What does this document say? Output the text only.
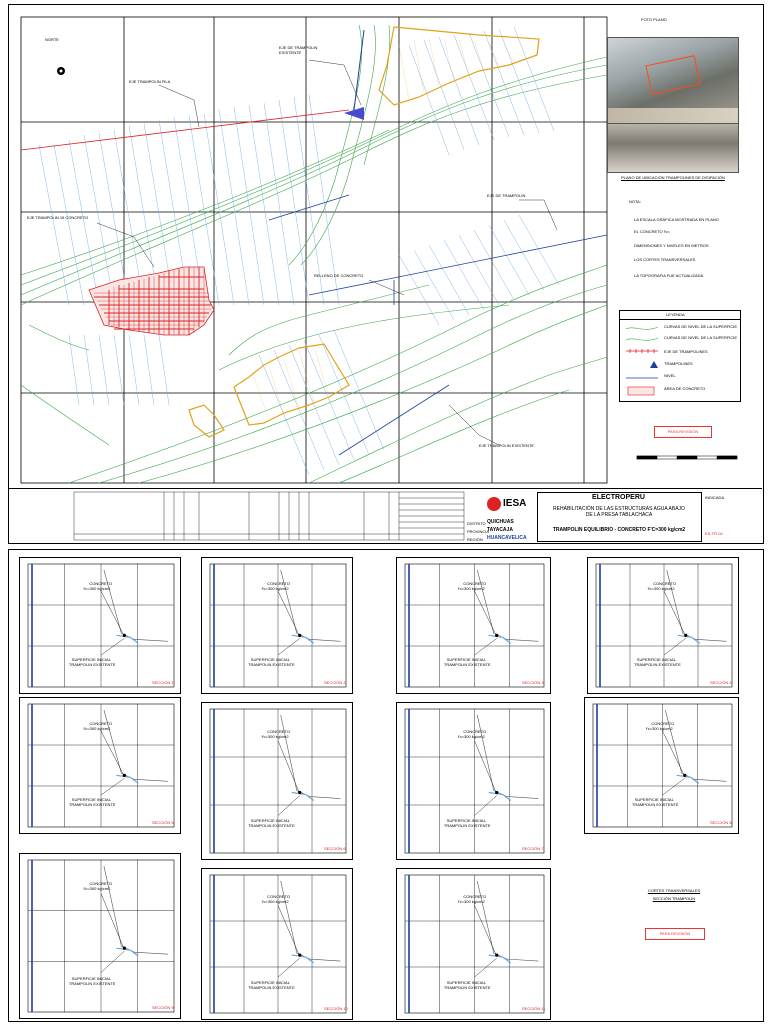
EJE TRAMPOLIN FILA
EJE DE TRAMPOLIN EXISTENTE
EJE TRAMPOLIN 15 CONCRETO
EJE DE TRAMPOLIN
RELLENO DE CONCRETO
EJE TRAMPOLIN EXISTENTE
NORTE
FOTO PLANO
PLANO DE UBICACIÓN TRAMPOLINES DE DISIPACIÓN
NOTA:
LA ESCALA GRÁFICA MOSTRADA EN PLANO
EL CONCRETO f'c=
DIMENSIONES Y NIVELES EN METROS
LOS CORTES TRANSVERSALES
LA TOPOGRAFIA FUE ACTUALIZADA
LEYENDA
CURVAS DE NIVEL DE LA SUPERFICIE
CURVAS DE NIVEL DE LA SUPERFICIE
EJE DE TRAMPOLINES
TRAMPOLINES
NIVEL
ÁREA DE CONCRETO
PARA REVISIÓN
DISTRITO
PROVINCIA
REGIÓN
QUICHUAS
TAYACAJA
HUANCAVELICA
IESA
ELECTROPERÚ
REHABILITACIÓN DE LAS ESTRUCTURAS AGUA ABAJO DE LA PRESA TABLACHACA
TRAMPOLIN EQUILIBRIO - CONCRETO F'C=300 kg/cm2
INDICADA
ES-TR-02
CONCRETO
f'c=300 kg/cm2
SUPERFICIE INICIAL
TRAMPOLIN EXISTENTE
SECCIÓN 1
CONCRETO
f'c=300 kg/cm2
SUPERFICIE INICIAL
TRAMPOLIN EXISTENTE
SECCIÓN 2
CONCRETO
f'c=300 kg/cm2
SUPERFICIE INICIAL
TRAMPOLIN EXISTENTE
SECCIÓN 3
CONCRETO
f'c=300 kg/cm2
SUPERFICIE INICIAL
TRAMPOLIN EXISTENTE
SECCIÓN 4
CONCRETO
f'c=300 kg/cm2
SUPERFICIE INICIAL
TRAMPOLIN EXISTENTE
SECCIÓN 5
CONCRETO
f'c=300 kg/cm2
SUPERFICIE INICIAL
TRAMPOLIN EXISTENTE
SECCIÓN 6
CONCRETO
f'c=300 kg/cm2
SUPERFICIE INICIAL
TRAMPOLIN EXISTENTE
SECCIÓN 7
CONCRETO
f'c=300 kg/cm2
SUPERFICIE INICIAL
TRAMPOLIN EXISTENTE
SECCIÓN 8
CONCRETO
f'c=300 kg/cm2
SUPERFICIE INICIAL
TRAMPOLIN EXISTENTE
SECCIÓN 9
CONCRETO
f'c=300 kg/cm2
SUPERFICIE INICIAL
TRAMPOLIN EXISTENTE
SECCIÓN 10
CONCRETO
f'c=300 kg/cm2
SUPERFICIE INICIAL
TRAMPOLIN EXISTENTE
SECCIÓN 11
CORTES TRANSVERSALES
SECCIÓN TRAMPOLÍN
PARA REVISIÓN
